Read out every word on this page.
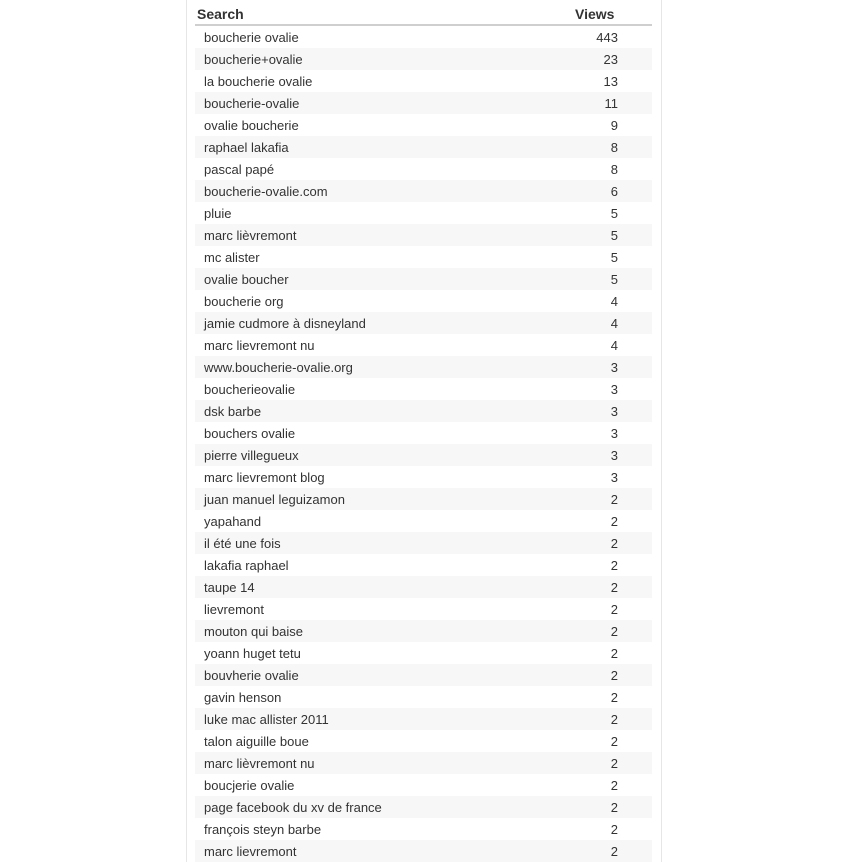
Search	Views
boucherie ovalie	443
boucherie+ovalie	23
la boucherie ovalie	13
boucherie-ovalie	11
ovalie boucherie	9
raphael lakafia	8
pascal papé	8
boucherie-ovalie.com	6
pluie	5
marc lièvremont	5
mc alister	5
ovalie boucher	5
boucherie org	4
jamie cudmore à disneyland	4
marc lievremont nu	4
www.boucherie-ovalie.org	3
boucherieovalie	3
dsk barbe	3
bouchers ovalie	3
pierre villegueux	3
marc lievremont blog	3
juan manuel leguizamon	2
yapahand	2
il été une fois	2
lakafia raphael	2
taupe 14	2
lievremont	2
mouton qui baise	2
yoann huget tetu	2
bouvherie ovalie	2
gavin henson	2
luke mac allister 2011	2
talon aiguille boue	2
marc lièvremont nu	2
boucjerie ovalie	2
page facebook du xv de france	2
françois steyn barbe	2
marc lievremont	2
